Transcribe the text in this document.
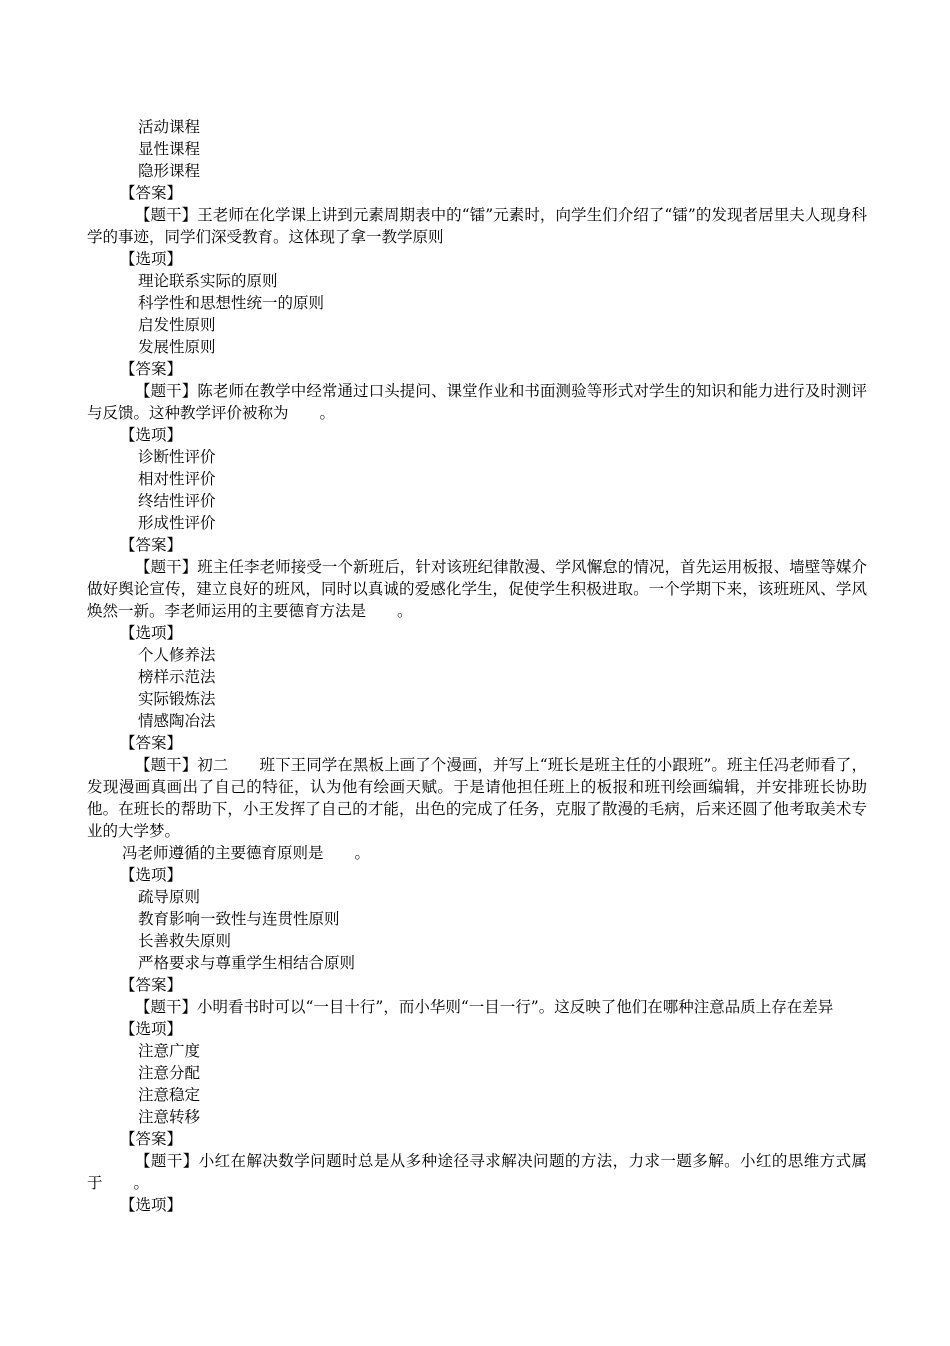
活动课程
显性课程
隐形课程
【答案】
【题干】王老师在化学课上讲到元素周期表中的“镭”元素时，向学生们介绍了“镭”的发现者居里夫人现身科学的事迹，同学们深受教育。这体现了拿一教学原则
【选项】
理论联系实际的原则
科学性和思想性统一的原则
启发性原则
发展性原则
【答案】
【题干】陈老师在教学中经常通过口头提问、课堂作业和书面测验等形式对学生的知识和能力进行及时测评与反馈。这种教学评价被称为　　。
【选项】
诊断性评价
相对性评价
终结性评价
形成性评价
【答案】
【题干】班主任李老师接受一个新班后，针对该班纪律散漫、学风懈怠的情况，首先运用板报、墙壁等媒介做好舆论宣传，建立良好的班风，同时以真诚的爱感化学生，促使学生积极进取。一个学期下来，该班班风、学风焕然一新。李老师运用的主要德育方法是　　。
【选项】
个人修养法
榜样示范法
实际锻炼法
情感陶冶法
【答案】
【题干】初二　　班下王同学在黑板上画了个漫画，并写上“班长是班主任的小跟班”。班主任冯老师看了，发现漫画真画出了自己的特征，认为他有绘画天赋。于是请他担任班上的板报和班刊绘画编辑，并安排班长协助他。在班长的帮助下，小王发挥了自己的才能，出色的完成了任务，克服了散漫的毛病，后来还圆了他考取美术专业的大学梦。
冯老师遵循的主要德育原则是　　。
【选项】
疏导原则
教育影响一致性与连贯性原则
长善救失原则
严格要求与尊重学生相结合原则
【答案】
【题干】小明看书时可以“一目十行”，而小华则“一目一行”。这反映了他们在哪种注意品质上存在差异
【选项】
注意广度
注意分配
注意稳定
注意转移
【答案】
【题干】小红在解决数学问题时总是从多种途径寻求解决问题的方法，力求一题多解。小红的思维方式属于　　。
【选项】
